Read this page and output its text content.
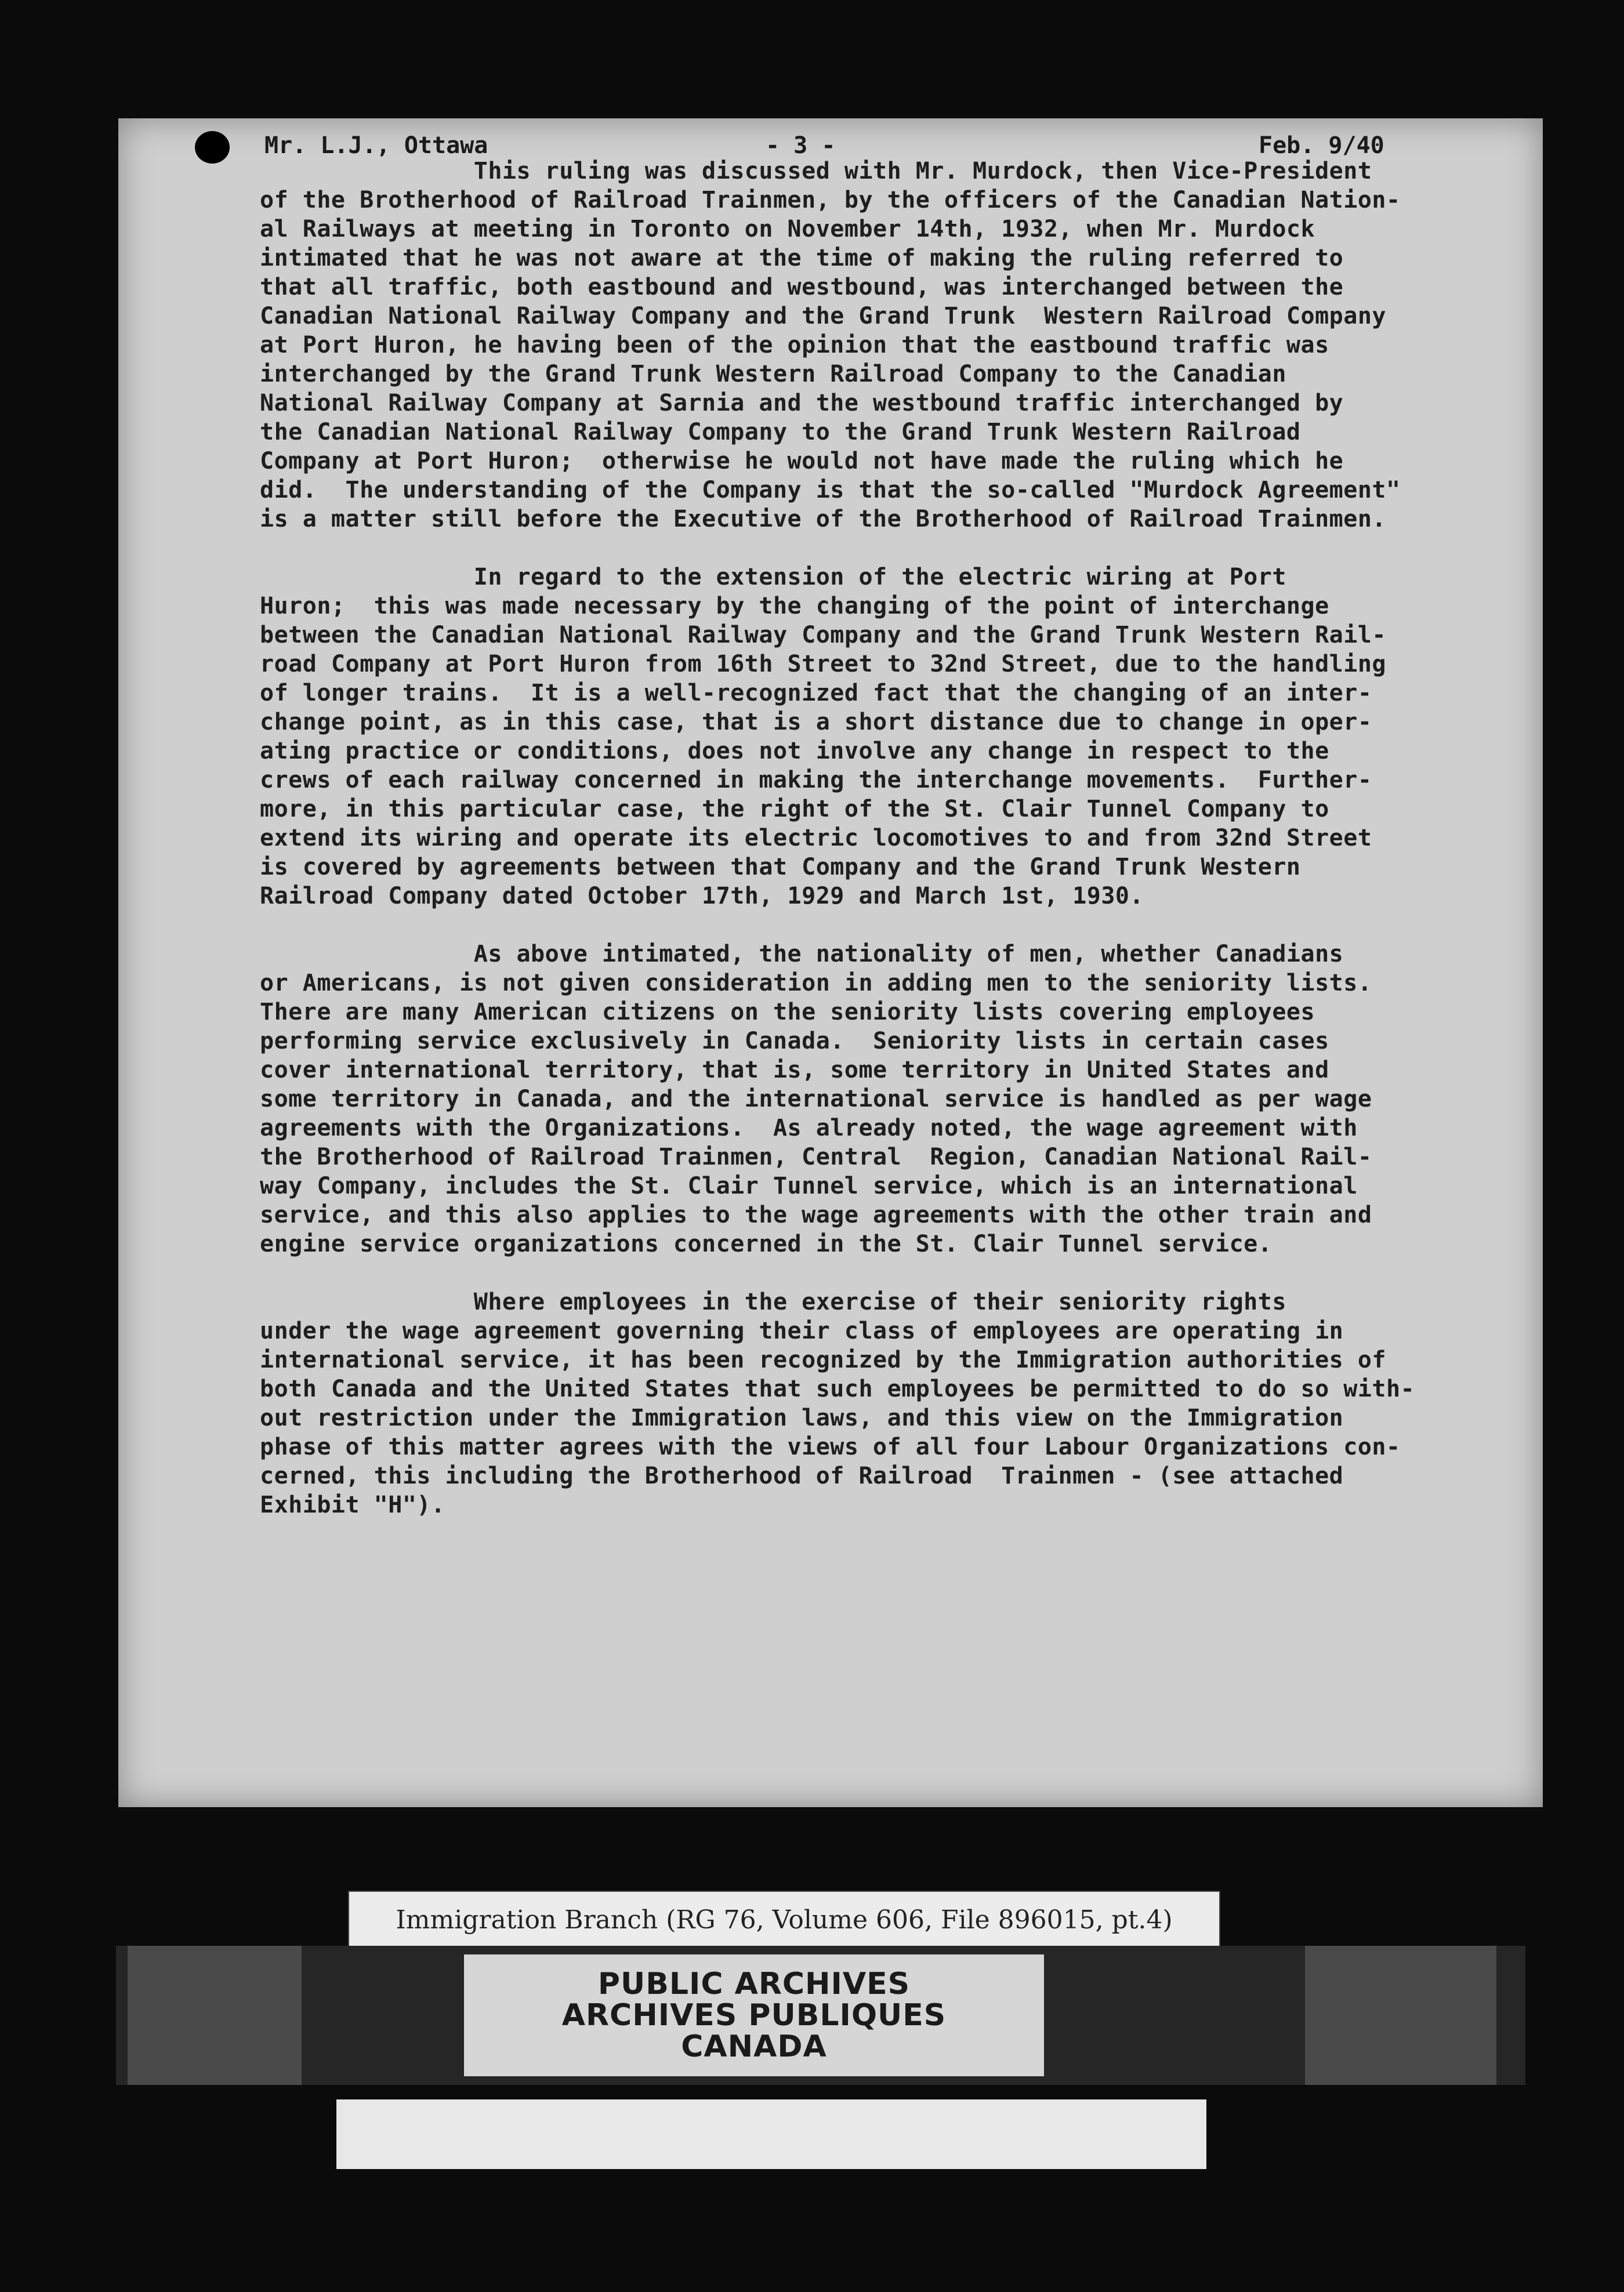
Mr. L.J., Ottawa	- 3 -	Feb. 9/40
This ruling was discussed with Mr. Murdock, then Vice-President
of the Brotherhood of Railroad Trainmen, by the officers of the Canadian Nation-
al Railways at meeting in Toronto on November 14th, 1932, when Mr. Murdock
intimated that he was not aware at the time of making the ruling referred to
that all traffic, both eastbound and westbound, was interchanged between the
Canadian National Railway Company and the Grand Trunk  Western Railroad Company
at Port Huron, he having been of the opinion that the eastbound traffic was
interchanged by the Grand Trunk Western Railroad Company to the Canadian
National Railway Company at Sarnia and the westbound traffic interchanged by
the Canadian National Railway Company to the Grand Trunk Western Railroad
Company at Port Huron;  otherwise he would not have made the ruling which he
did.  The understanding of the Company is that the so-called "Murdock Agreement"
is a matter still before the Executive of the Brotherhood of Railroad Trainmen.
In regard to the extension of the electric wiring at Port
Huron;  this was made necessary by the changing of the point of interchange
between the Canadian National Railway Company and the Grand Trunk Western Rail-
road Company at Port Huron from 16th Street to 32nd Street, due to the handling
of longer trains.  It is a well-recognized fact that the changing of an inter-
change point, as in this case, that is a short distance due to change in oper-
ating practice or conditions, does not involve any change in respect to the
crews of each railway concerned in making the interchange movements.  Further-
more, in this particular case, the right of the St. Clair Tunnel Company to
extend its wiring and operate its electric locomotives to and from 32nd Street
is covered by agreements between that Company and the Grand Trunk Western
Railroad Company dated October 17th, 1929 and March 1st, 1930.
As above intimated, the nationality of men, whether Canadians
or Americans, is not given consideration in adding men to the seniority lists.
There are many American citizens on the seniority lists covering employees
performing service exclusively in Canada.  Seniority lists in certain cases
cover international territory, that is, some territory in United States and
some territory in Canada, and the international service is handled as per wage
agreements with the Organizations.  As already noted, the wage agreement with
the Brotherhood of Railroad Trainmen, Central  Region, Canadian National Rail-
way Company, includes the St. Clair Tunnel service, which is an international
service, and this also applies to the wage agreements with the other train and
engine service organizations concerned in the St. Clair Tunnel service.
Where employees in the exercise of their seniority rights
under the wage agreement governing their class of employees are operating in
international service, it has been recognized by the Immigration authorities of
both Canada and the United States that such employees be permitted to do so with-
out restriction under the Immigration laws, and this view on the Immigration
phase of this matter agrees with the views of all four Labour Organizations con-
cerned, this including the Brotherhood of Railroad  Trainmen - (see attached
Exhibit "H").
Immigration Branch (RG 76, Volume 606, File 896015, pt.4)
PUBLIC ARCHIVES
ARCHIVES PUBLIQUES
CANADA
